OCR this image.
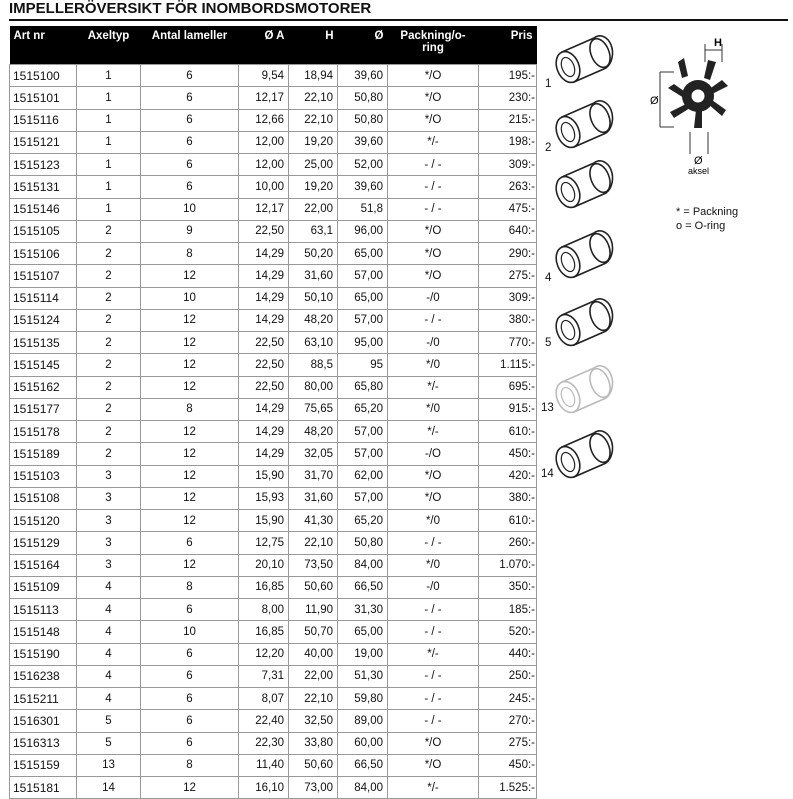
IMPELLERÖVERSIKT FÖR INOMBORDSMOTORER
Art nr	Axeltyp	Antal lameller	Ø A	H	Ø	Packning/o-ring	Pris
1515100	1	6	9,54	18,94	39,60	*/O	195:-
1515101	1	6	12,17	22,10	50,80	*/O	230:-
1515116	1	6	12,66	22,10	50,80	*/O	215:-
1515121	1	6	12,00	19,20	39,60	*/-	198:-
1515123	1	6	12,00	25,00	52,00	- / -	309:-
1515131	1	6	10,00	19,20	39,60	- / -	263:-
1515146	1	10	12,17	22,00	51,8	- / -	475:-
1515105	2	9	22,50	63,1	96,00	*/O	640:-
1515106	2	8	14,29	50,20	65,00	*/O	290:-
1515107	2	12	14,29	31,60	57,00	*/O	275:-
1515114	2	10	14,29	50,10	65,00	-/0	309:-
1515124	2	12	14,29	48,20	57,00	- / -	380:-
1515135	2	12	22,50	63,10	95,00	-/0	770:-
1515145	2	12	22,50	88,5	95	*/0	1.115:-
1515162	2	12	22,50	80,00	65,80	*/-	695:-
1515177	2	8	14,29	75,65	65,20	*/0	915:-
1515178	2	12	14,29	48,20	57,00	*/-	610:-
1515189	2	12	14,29	32,05	57,00	-/O	450:-
1515103	3	12	15,90	31,70	62,00	*/O	420:-
1515108	3	12	15,93	31,60	57,00	*/O	380:-
1515120	3	12	15,90	41,30	65,20	*/0	610:-
1515129	3	6	12,75	22,10	50,80	- / -	260:-
1515164	3	12	20,10	73,50	84,00	*/0	1.070:-
1515109	4	8	16,85	50,60	66,50	-/0	350:-
1515113	4	6	8,00	11,90	31,30	- / -	185:-
1515148	4	10	16,85	50,70	65,00	- / -	520:-
1515190	4	6	12,20	40,00	19,00	*/-	440:-
1516238	4	6	7,31	22,00	51,30	- / -	250:-
1515211	4	6	8,07	22,10	59,80	- / -	245:-
1516301	5	6	22,40	32,50	89,00	- / -	270:-
1516313	5	6	22,30	33,80	60,00	*/O	275:-
1515159	13	8	11,40	50,60	66,50	*/O	450:-
1515181	14	12	16,10	73,00	84,00	*/-	1.525:-
1
2
4
5
13
14
Ø
H
Ø
aksel
* = Packning
o = O-ring
